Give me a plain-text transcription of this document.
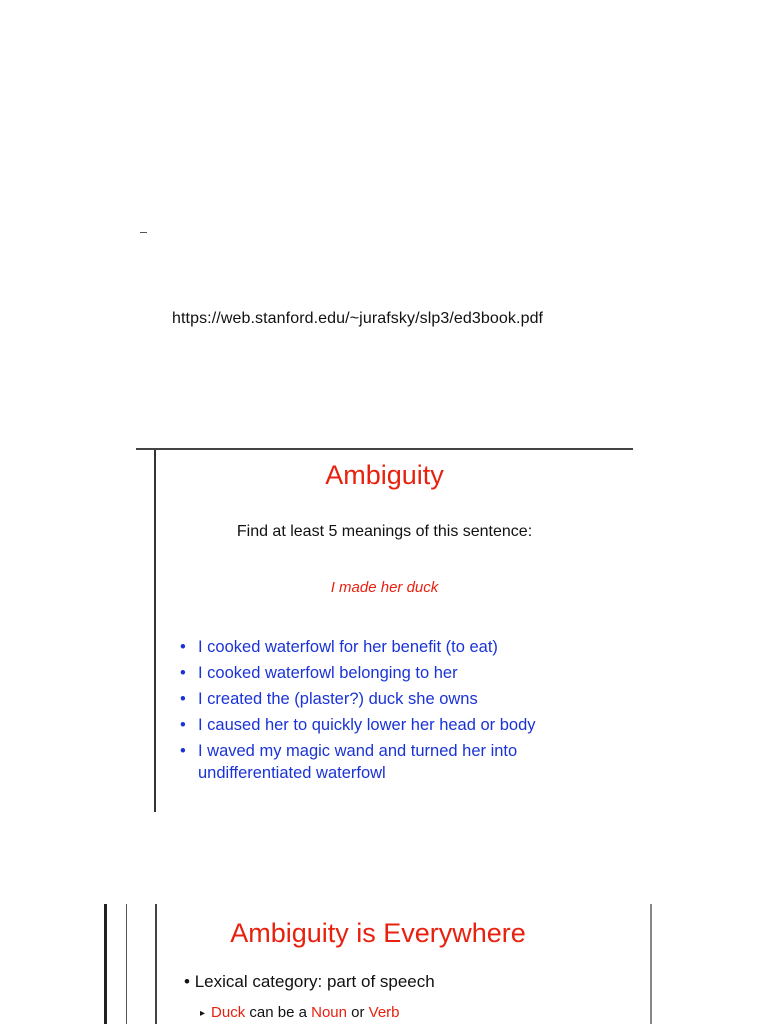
https://web.stanford.edu/~jurafsky/slp3/ed3book.pdf
Ambiguity
Find at least 5 meanings of this sentence:
I made her duck
• I cooked waterfowl for her benefit (to eat)
• I cooked waterfowl belonging to her
• I created the (plaster?) duck she owns
• I caused her to quickly lower her head or body
• I waved my magic wand and turned her into undifferentiated waterfowl
Ambiguity is Everywhere
• Lexical category: part of speech
▸ Duck can be a Noun or Verb
